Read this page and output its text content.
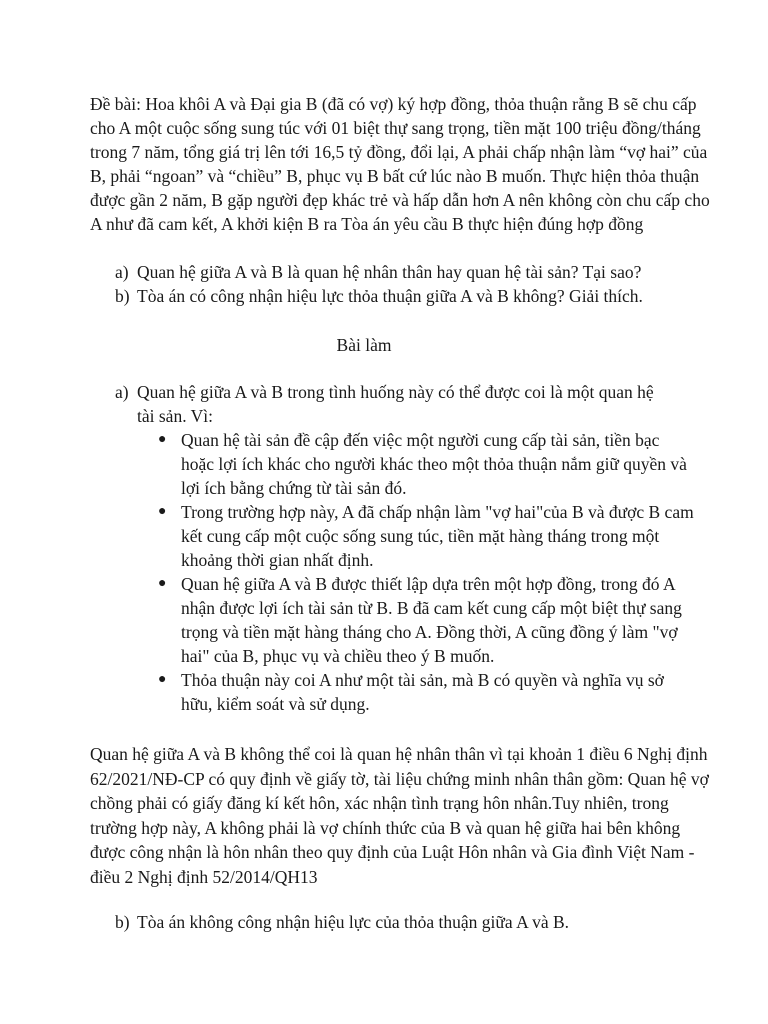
Đề bài: Hoa khôi A và Đại gia B (đã có vợ) ký hợp đồng, thỏa thuận rằng B sẽ chu cấp cho A một cuộc sống sung túc với 01 biệt thự sang trọng, tiền mặt 100 triệu đồng/tháng trong 7 năm, tổng giá trị lên tới 16,5 tỷ đồng, đổi lại, A phải chấp nhận làm “vợ hai” của B, phải “ngoan” và “chiều” B, phục vụ B bất cứ lúc nào B muốn. Thực hiện thỏa thuận được gần 2 năm, B gặp người đẹp khác trẻ và hấp dẫn hơn A nên không còn chu cấp cho A như đã cam kết, A khởi kiện B ra Tòa án yêu cầu B thực hiện đúng hợp đồng

a) Quan hệ giữa A và B là quan hệ nhân thân hay quan hệ tài sản? Tại sao?
b) Tòa án có công nhận hiệu lực thỏa thuận giữa A và B không? Giải thích.
Bài làm
a) Quan hệ giữa A và B trong tình huống này có thể được coi là một quan hệ tài sản. Vì:
● Quan hệ tài sản đề cập đến việc một người cung cấp tài sản, tiền bạc hoặc lợi ích khác cho người khác theo một thỏa thuận nắm giữ quyền và lợi ích bằng chứng từ tài sản đó.
● Trong trường hợp này, A đã chấp nhận làm "vợ hai"của B và được B cam kết cung cấp một cuộc sống sung túc, tiền mặt hàng tháng trong một khoảng thời gian nhất định.
● Quan hệ giữa A và B được thiết lập dựa trên một hợp đồng, trong đó A nhận được lợi ích tài sản từ B. B đã cam kết cung cấp một biệt thự sang trọng và tiền mặt hàng tháng cho A. Đồng thời, A cũng đồng ý làm "vợ hai" của B, phục vụ và chiều theo ý B muốn.
● Thỏa thuận này coi A như một tài sản, mà B có quyền và nghĩa vụ sở hữu, kiểm soát và sử dụng.

Quan hệ giữa A và B không thể coi là quan hệ nhân thân vì tại khoản 1 điều 6 Nghị định 62/2021/NĐ-CP có quy định về giấy tờ, tài liệu chứng minh nhân thân gồm: Quan hệ vợ chồng phải có giấy đăng kí kết hôn, xác nhận tình trạng hôn nhân.Tuy nhiên, trong trường hợp này, A không phải là vợ chính thức của B và quan hệ giữa hai bên không được công nhận là hôn nhân theo quy định của Luật Hôn nhân và Gia đình Việt Nam - điều 2 Nghị định 52/2014/QH13

b) Tòa án không công nhận hiệu lực của thỏa thuận giữa A và B.
